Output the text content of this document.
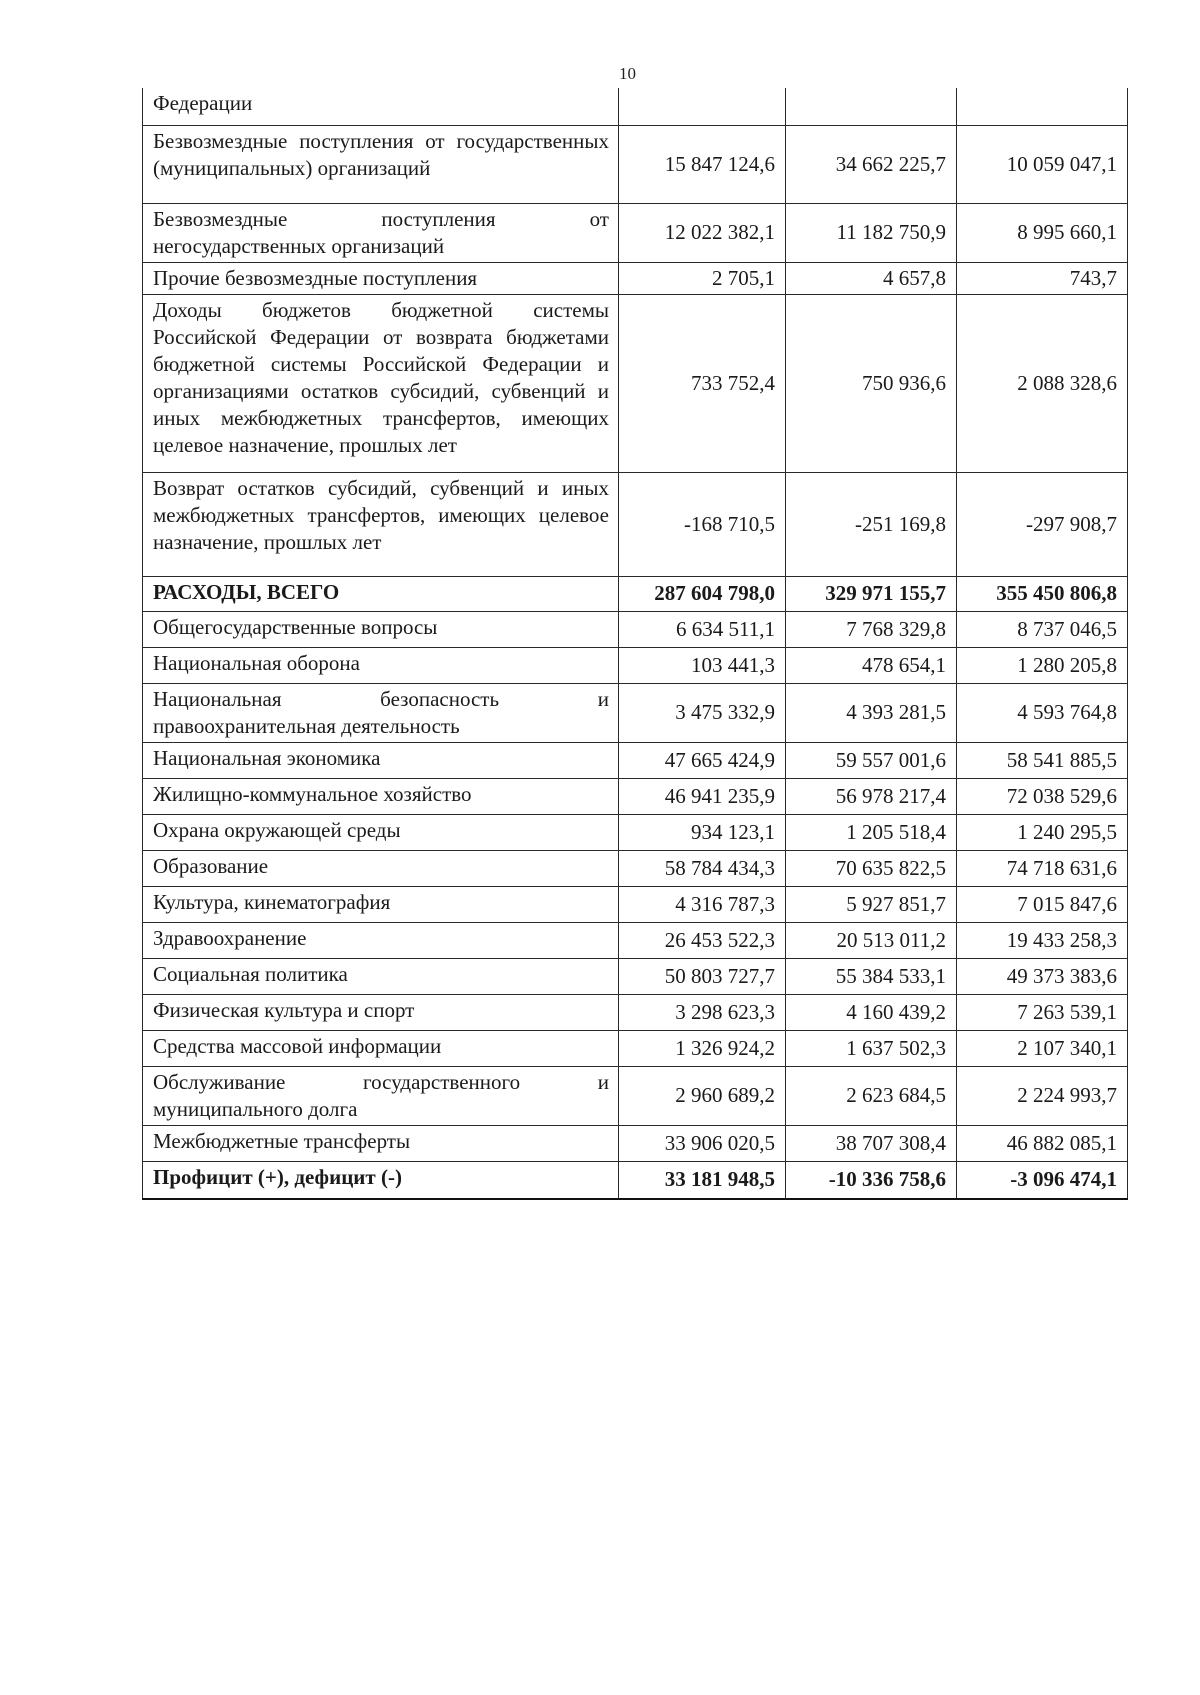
10
Федерации			
Безвозмездные поступления от государственных (муниципальных) организаций	15 847 124,6	34 662 225,7	10 059 047,1
Безвозмездные поступления от негосударственных организаций	12 022 382,1	11 182 750,9	8 995 660,1
Прочие безвозмездные поступления	2 705,1	4 657,8	743,7
Доходы бюджетов бюджетной системы Российской Федерации от возврата бюджетами бюджетной системы Российской Федерации и организациями остатков субсидий, субвенций и иных межбюджетных трансфертов, имеющих целевое назначение, прошлых лет	733 752,4	750 936,6	2 088 328,6
Возврат остатков субсидий, субвенций и иных межбюджетных трансфертов, имеющих целевое назначение, прошлых лет	-168 710,5	-251 169,8	-297 908,7
РАСХОДЫ, ВСЕГО	287 604 798,0	329 971 155,7	355 450 806,8
Общегосударственные вопросы	6 634 511,1	7 768 329,8	8 737 046,5
Национальная оборона	103 441,3	478 654,1	1 280 205,8
Национальная безопасность и правоохранительная деятельность	3 475 332,9	4 393 281,5	4 593 764,8
Национальная экономика	47 665 424,9	59 557 001,6	58 541 885,5
Жилищно-коммунальное хозяйство	46 941 235,9	56 978 217,4	72 038 529,6
Охрана окружающей среды	934 123,1	1 205 518,4	1 240 295,5
Образование	58 784 434,3	70 635 822,5	74 718 631,6
Культура, кинематография	4 316 787,3	5 927 851,7	7 015 847,6
Здравоохранение	26 453 522,3	20 513 011,2	19 433 258,3
Социальная политика	50 803 727,7	55 384 533,1	49 373 383,6
Физическая культура и спорт	3 298 623,3	4 160 439,2	7 263 539,1
Средства массовой информации	1 326 924,2	1 637 502,3	2 107 340,1
Обслуживание государственного и муниципального долга	2 960 689,2	2 623 684,5	2 224 993,7
Межбюджетные трансферты	33 906 020,5	38 707 308,4	46 882 085,1
Профицит (+), дефицит (-)	33 181 948,5	-10 336 758,6	-3 096 474,1
